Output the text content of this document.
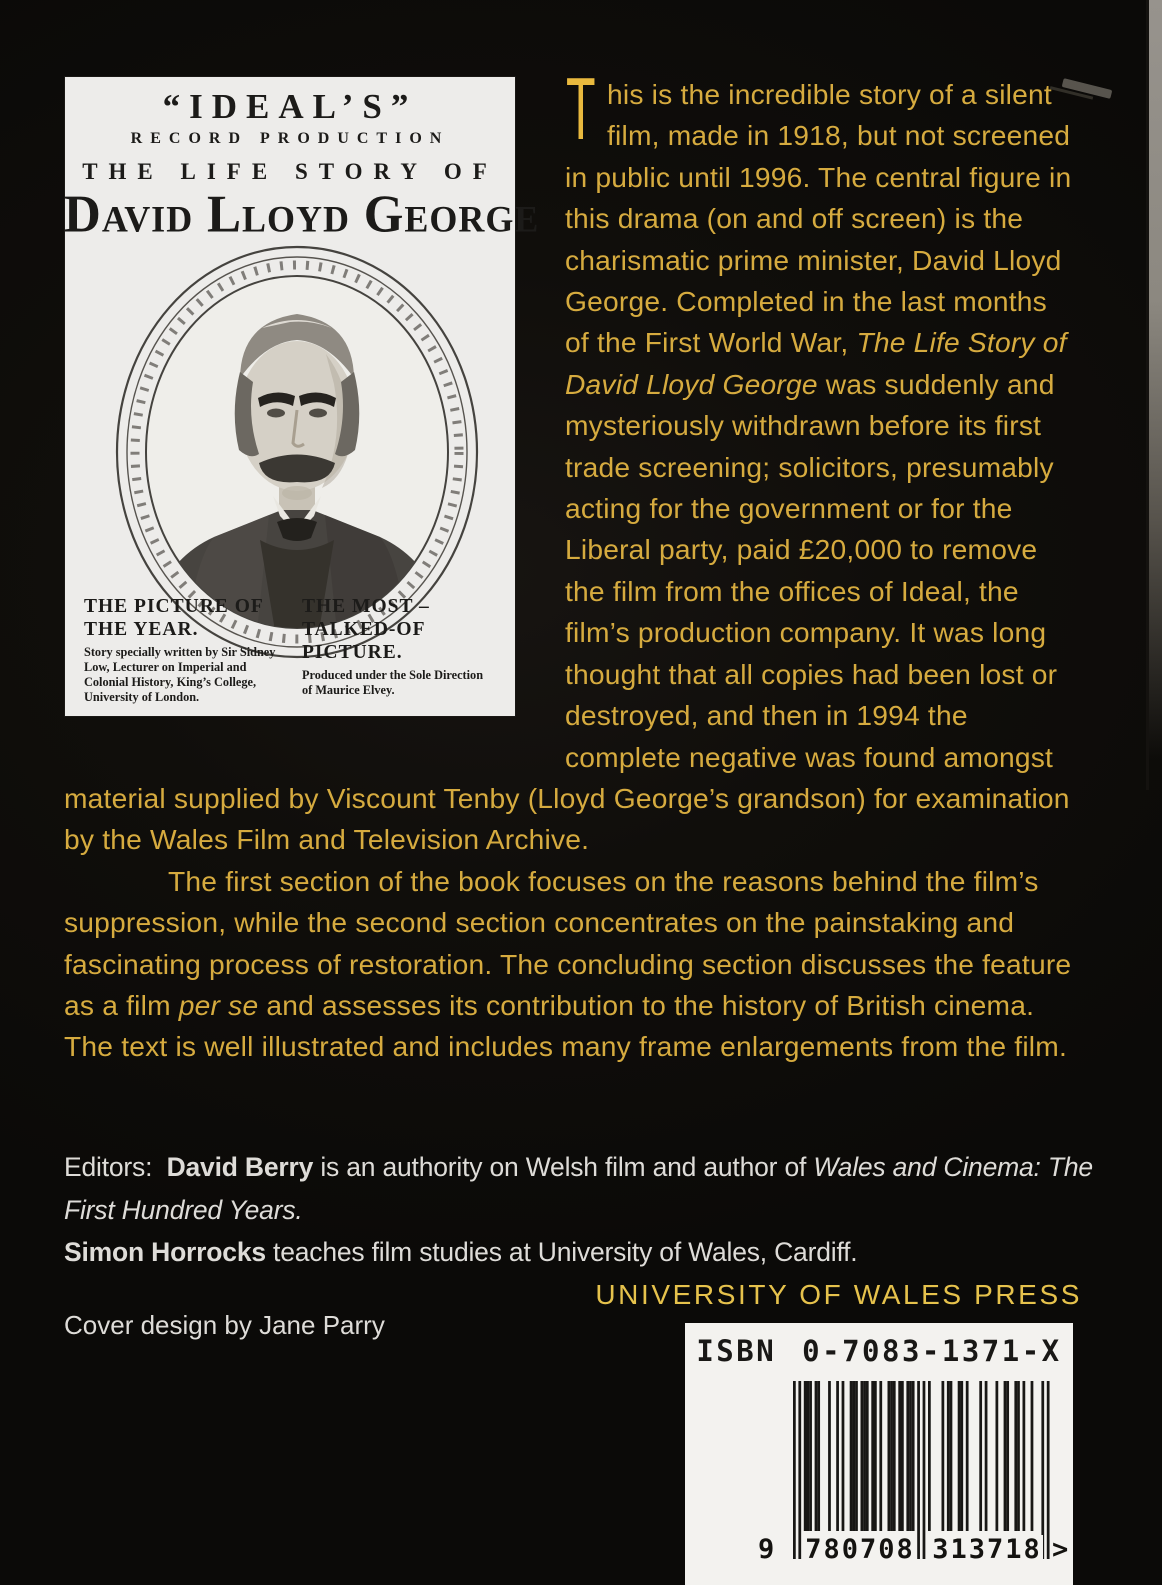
“IDEAL’S”
RECORD PRODUCTION
THE LIFE STORY OF
David Lloyd George
THE PICTURE OF
THE YEAR.
Story specially written by Sir Sidney Low, Lecturer on Imperial and Colonial History, King’s College, University of London.
THE MOST –
TALKED-OF PICTURE.
Produced under the Sole Direction of Maurice Elvey.

This is the incredible story of a silent film, made in 1918, but not screened in public until 1996. The central figure in this drama (on and off screen) is the charismatic prime minister, David Lloyd George. Completed in the last months of the First World War, The Life Story of David Lloyd George was suddenly and mysteriously withdrawn before its first trade screening; solicitors, presumably acting for the government or for the Liberal party, paid £20,000 to remove the film from the offices of Ideal, the film’s production company. It was long thought that all copies had been lost or destroyed, and then in 1994 the complete negative was found amongst material supplied by Viscount Tenby (Lloyd George’s grandson) for examination by the Wales Film and Television Archive.

The first section of the book focuses on the reasons behind the film’s suppression, while the second section concentrates on the painstaking and fascinating process of restoration. The concluding section discusses the feature as a film per se and assesses its contribution to the history of British cinema. The text is well illustrated and includes many frame enlargements from the film.

Editors:  David Berry is an authority on Welsh film and author of Wales and Cinema: The First Hundred Years.

Simon Horrocks teaches film studies at University of Wales, Cardiff.

Cover design by Jane Parry

UNIVERSITY OF WALES PRESS
ISBN 0-7083-1371-X
9 780708 313718 >
